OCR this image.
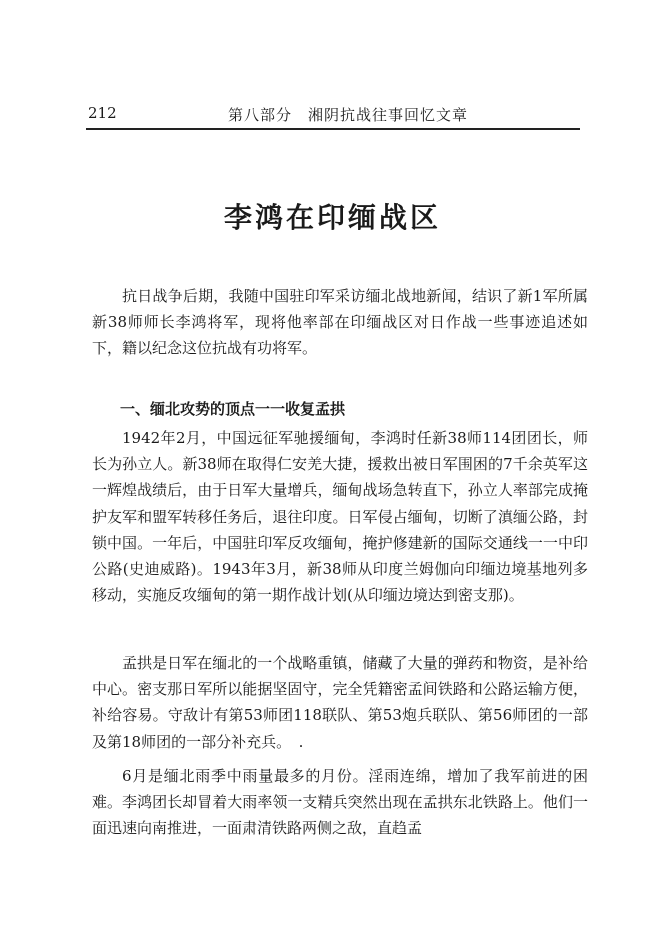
212	第八部分　湘阴抗战往事回忆文章
李鸿在印缅战区

抗日战争后期，我随中国驻印军采访缅北战地新闻，结识了新1军所属新38师师长李鸿将军，现将他率部在印缅战区对日作战一些事迹追述如下，籍以纪念这位抗战有功将军。

一、缅北攻势的顶点一一收复孟拱

1942年2月，中国远征军驰援缅甸，李鸿时任新38师114团团长，师长为孙立人。新38师在取得仁安羌大捷，援救出被日军围困的7千余英军这一辉煌战绩后，由于日军大量增兵，缅甸战场急转直下，孙立人率部完成掩护友军和盟军转移任务后，退往印度。日军侵占缅甸，切断了滇缅公路，封锁中国。一年后，中国驻印军反攻缅甸，掩护修建新的国际交通线一一中印公路(史迪威路)。1943年3月，新38师从印度兰姆伽向印缅边境基地列多移动，实施反攻缅甸的第一期作战计划(从印缅边境达到密支那)。

孟拱是日军在缅北的一个战略重镇，储藏了大量的弹药和物资，是补给中心。密支那日军所以能据坚固守，完全凭籍密孟间铁路和公路运输方便，补给容易。守敌计有第53师团118联队、第53炮兵联队、第56师团的一部及第18师团的一部分补充兵。　.

6月是缅北雨季中雨量最多的月份。淫雨连绵，增加了我军前进的困难。李鸿团长却冒着大雨率领一支精兵突然出现在孟拱东北铁路上。他们一面迅速向南推进，一面肃清铁路两侧之敌，直趋孟
